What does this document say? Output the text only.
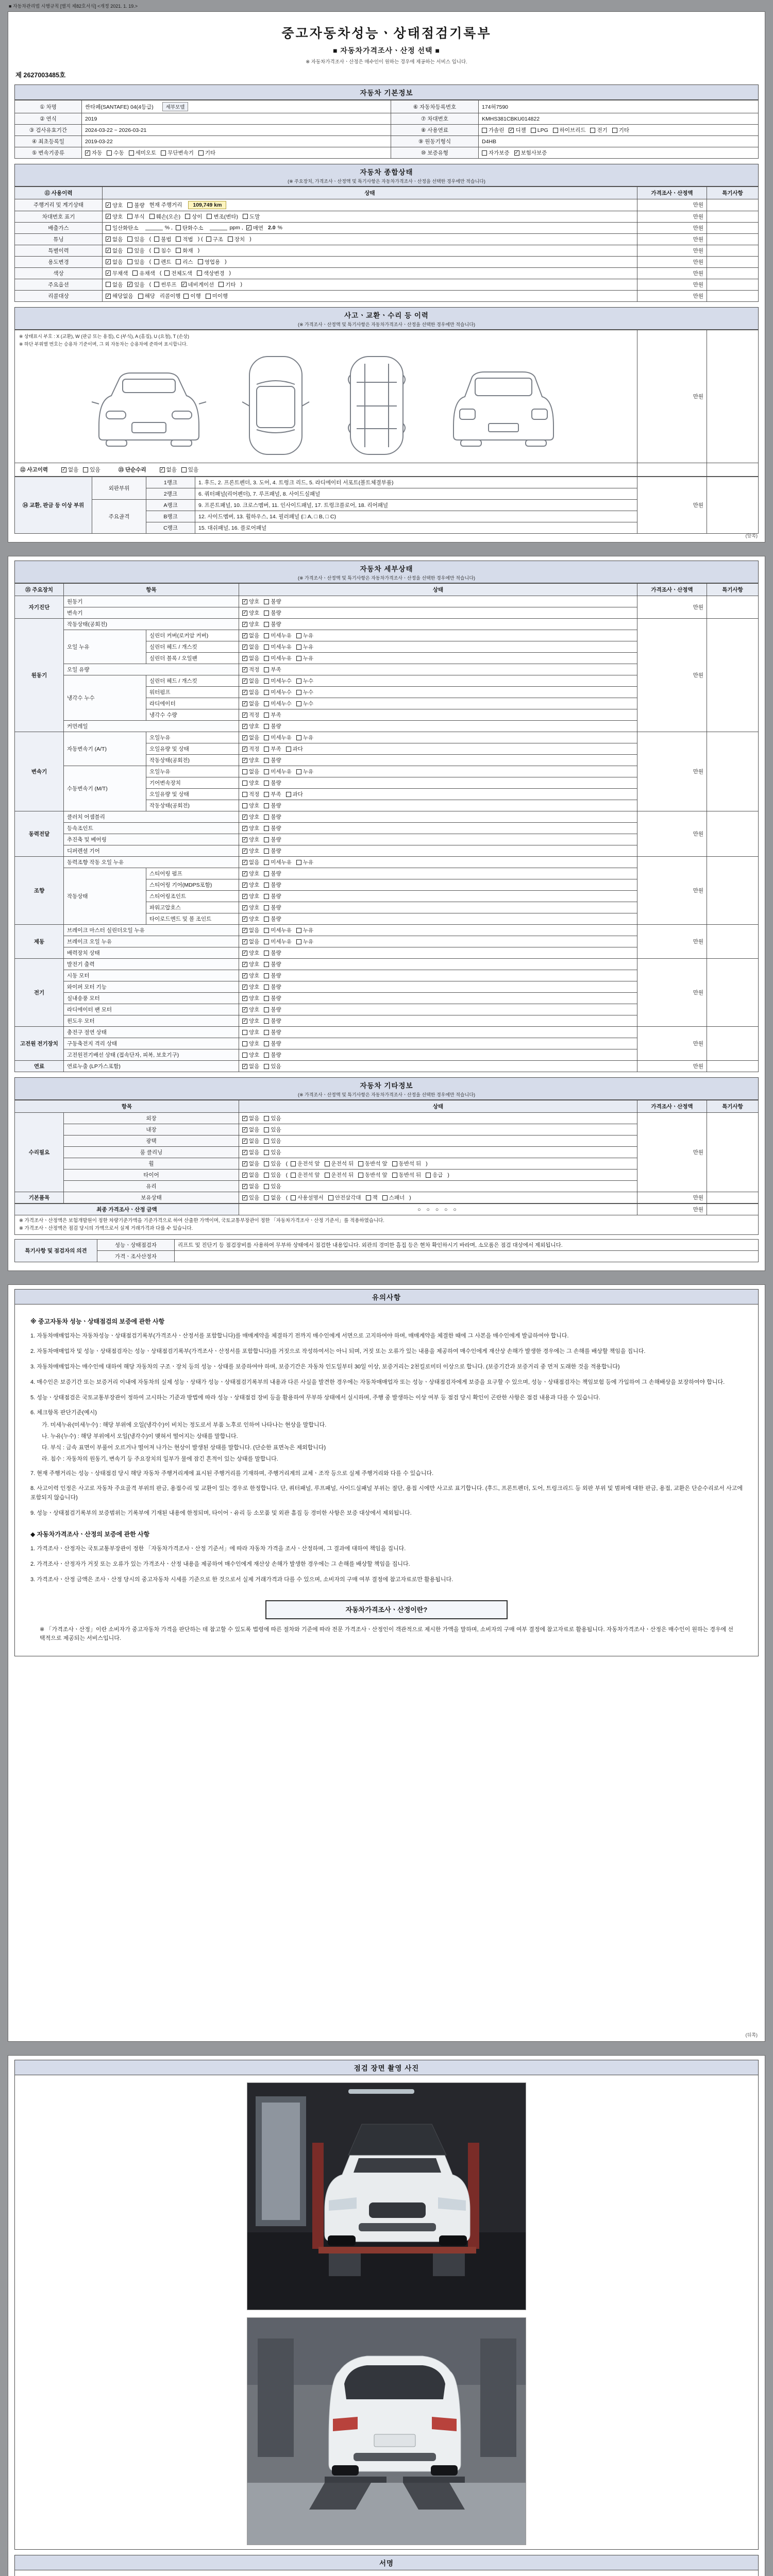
■ 자동차관리법 시행규칙 [별지 제82호서식] <개정 2021. 1. 19.>
중고자동차성능ㆍ상태점검기록부
■ 자동차가격조사ㆍ산정 선택 ■
※ 자동차가격조사ㆍ산정은 매수인이 원하는 경우에 제공하는 서비스 입니다.
제 2627003485호
자동차 기본정보
① 차명	싼타페(SANTAFE) 04(4등급) 세부모델	⑥ 자동차등록번호	174허7590
② 연식	2019	⑦ 차대번호	KMHS381CBKU014822
③ 검사유효기간	2024-03-22 ~ 2026-03-21	⑧ 사용연료	가솔린 ✓ 디젤 LPG 하이브리드 전기 기타

④ 최초등록일	2019-03-22	⑨ 원동기형식	D4HB
⑤ 변속기종류	✓ 자동 수동 세미오토 무단변속기 기타	⑩ 보증유형	자가보증 ✓ 보험사보증
자동차 종합상태
(※ 주요장치, 가격조사ㆍ산정액 및 특기사항은 자동차가격조사ㆍ산정을 선택한 경우에만 적습니다)
⑪ 사용이력	상태	가격조사ㆍ산정액	특기사항
주행거리 및 계기상태	✓ 양호 불량 현재 주행거리 109,749 km	만원	
차대번호 표기	✓ 양호 부식 훼손(오손) 상이 변조(변타) 도말	만원	
배출가스	일산화탄소	% , 탄화수소	ppm , ✓ 매연 2.0 %	만원	
튜닝	✓ 없음 있음 ( 불법 적법 ) ( 구조 장치 )	만원	
특별이력	✓ 없음 있음 ( 침수 화재 )	만원	
용도변경	✓ 없음 있음 ( 렌트 리스 영업용 )	만원	
색상	✓ 무채색 유채색 ( 전체도색 색상변경 )	만원	
주요옵션	없음 ✓ 있음 ( 썬루프 ✓ 네비게이션 기타 )	만원	
리콜대상	✓ 해당없음 해당 리콜이행 이행 미이행	만원	
사고ㆍ교환ㆍ수리 등 이력
(※ 가격조사ㆍ산정액 및 특기사항은 자동차가격조사ㆍ산정을 선택한 경우에만 적습니다)
※ 상태표시 부호 : X (교환), W (판금 또는 용접), C (부식), A (흠집), U (요철), T (손상)
※ 하단 부위별 번호는 승용차 기준이며, 그 외 자동차는 승용차에 준하여 표시합니다.	만원	

⑫ 사고이력	✓ 없음 있음	⑬ 단순수리	✓ 없음 있음

⑭ 교환, 판금 등 이상 부위	외판부위	1랭크	1. 후드, 2. 프론트펜더, 3. 도어, 4. 트렁크 리드, 5. 라디에이터 서포트(볼트체결부품)	만원	
		2랭크	6. 쿼터패널(리어펜더), 7. 루프패널, 8. 사이드실패널		
	주요골격	A랭크	9. 프론트패널, 10. 크로스멤버, 11. 인사이드패널, 17. 트렁크플로어, 18. 리어패널		
		B랭크	12. 사이드멤버, 13. 휠하우스, 14. 필러패널 (□ A, □ B, □ C)		
		C랭크	15. 대쉬패널, 16. 플로어패널		
(앞쪽)
자동차 세부상태
(※ 가격조사ㆍ산정액 및 특기사항은 자동차가격조사ㆍ산정을 선택한 경우에만 적습니다)
⑮ 주요장치	항목		상태	가격조사ㆍ산정액	특기사항
자기진단	원동기		✓ 양호 불량	만원	
	변속기		✓ 양호 불량		

원동기	작동상태(공회전)		✓ 양호 불량	만원	
	오일 누유	실린더 커버(로커암 커버)	✓ 없음 미세누유 누유		

		실린더 헤드 / 개스킷	✓ 없음 미세누유 누유		

		실린더 블록 / 오일팬	✓ 없음 미세누유 누유		

	오일 유량		✓ 적정 부족		

	냉각수 누수	실린더 헤드 / 개스킷	✓ 없음 미세누수 누수		

		워터펌프	✓ 없음 미세누수 누수		

		라디에이터	✓ 없음 미세누수 누수		

		냉각수 수량	✓ 적정 부족		

	커먼레일		✓ 양호 불량		

변속기	자동변속기 (A/T)	오일누유	✓ 없음 미세누유 누유	만원	
		오일유량 및 상태	✓ 적정 부족 과다		

		작동상태(공회전)	✓ 양호 불량		

	수동변속기 (M/T)	오일누유	없음 미세누유 누유		

		기어변속장치	양호 불량		

		오일유량 및 상태	적정 부족 과다		

		작동상태(공회전)	양호 불량		

동력전달	클러치 어셈블리		✓ 양호 불량	만원	
	등속조인트		✓ 양호 불량		

	추진축 및 베어링		✓ 양호 불량		

	디퍼렌셜 기어		✓ 양호 불량		

조향	동력조향 작동 오일 누유		✓ 없음 미세누유 누유	만원	
	작동상태	스티어링 펌프	✓ 양호 불량		

		스티어링 기어(MDPS포함)	✓ 양호 불량		

		스티어링조인트	✓ 양호 불량		

		파워고압호스	✓ 양호 불량		

		타이로드엔드 및 볼 조인트	✓ 양호 불량		

제동	브레이크 마스터 실린더오일 누유		✓ 없음 미세누유 누유	만원	
	브레이크 오일 누유		✓ 없음 미세누유 누유		

	배력장치 상태		✓ 양호 불량		

전기	발전기 출력		✓ 양호 불량	만원	
	시동 모터		✓ 양호 불량		

	와이퍼 모터 기능		✓ 양호 불량		

	실내송풍 모터		✓ 양호 불량		

	라디에이터 팬 모터		✓ 양호 불량		

	윈도우 모터		✓ 양호 불량		

고전원 전기장치	충전구 절연 상태		양호 불량	만원	
	구동축전지 격리 상태		양호 불량		

	고전원전기배선 상태 (접속단자, 피복, 보호기구)		양호 불량		

연료	연료누출 (LP가스포함)		✓ 없음 있음	만원	
자동차 기타정보
(※ 가격조사ㆍ산정액 및 특기사항은 자동차가격조사ㆍ산정을 선택한 경우에만 적습니다)
항목		상태	가격조사ㆍ산정액	특기사항
수리필요	외장	✓ 없음 있음	만원	
	내장	✓ 없음 있음		

	광택	✓ 없음 있음		

	룸 클리닝	✓ 없음 있음		

휠	✓ 없음 있음 ( 운전석 앞 운전석 뒤 동반석 앞 동반석 뒤 )
타이어	✓ 없음 있음 ( 운전석 앞 운전석 뒤 동반석 앞 동반석 뒤 응급 )
	유리	✓ 없음 있음		

기본품목	보유상태	✓ 있음 없음 ( 사용설명서 안전삼각대 잭 스패너 )	만원	
최종 가격조사ㆍ산정 금액	○ ○ ○ ○ ○	만원	
※ 가격조사ㆍ산정액은 보험개발원이 정한 차량기준가액을 기준가격으로 하여 산출한 가액이며, 국토교통부장관이 정한 「자동차가격조사ㆍ산정 기준서」를 적용하였습니다.
※ 가격조사ㆍ산정액은 점검 당시의 가액으로서 실제 거래가격과 다를 수 있습니다.
특기사항 및 점검자의 의견	성능ㆍ상태점검자	리프트 및 진단기 등 점검장비를 사용하여 무부하 상태에서 점검한 내용입니다. 외관의 경미한 흠집 등은 현차 확인하시기 바라며, 소모품은 점검 대상에서 제외됩니다.
	가격ㆍ조사산정자	
유의사항
※ 중고자동차 성능ㆍ상태점검의 보증에 관한 사항
1. 자동차매매업자는 자동차성능ㆍ상태점검기록부(가격조사ㆍ산정서를 포함합니다)를 매매계약을 체결하기 전까지 매수인에게 서면으로 고지하여야 하며, 매매계약을 체결한 때에 그 사본을 매수인에게 발급하여야 합니다.
2. 자동차매매업자 및 성능ㆍ상태점검자는 성능ㆍ상태점검기록부(가격조사ㆍ산정서를 포함합니다)를 거짓으로 작성하여서는 아니 되며, 거짓 또는 오류가 있는 내용을 제공하여 매수인에게 재산상 손해가 발생한 경우에는 그 손해를 배상할 책임을 집니다.
3. 자동차매매업자는 매수인에 대하여 해당 자동차의 구조ㆍ장치 등의 성능ㆍ상태를 보증하여야 하며, 보증기간은 자동차 인도일부터 30일 이상, 보증거리는 2천킬로미터 이상으로 합니다. (보증기간과 보증거리 중 먼저 도래한 것을 적용합니다)
4. 매수인은 보증기간 또는 보증거리 이내에 자동차의 실제 성능ㆍ상태가 성능ㆍ상태점검기록부의 내용과 다른 사실을 발견한 경우에는 자동차매매업자 또는 성능ㆍ상태점검자에게 보증을 요구할 수 있으며, 성능ㆍ상태점검자는 책임보험 등에 가입하여 그 손해배상을 보장하여야 합니다.
5. 성능ㆍ상태점검은 국토교통부장관이 정하여 고시하는 기준과 방법에 따라 성능ㆍ상태점검 장비 등을 활용하여 무부하 상태에서 실시하며, 주행 중 발생하는 이상 여부 등 점검 당시 확인이 곤란한 사항은 점검 내용과 다를 수 있습니다.
6. 체크항목 판단기준(예시)
가. 미세누유(미세누수) : 해당 부위에 오일(냉각수)이 비치는 정도로서 부품 노후로 인하여 나타나는 현상을 말합니다.
나. 누유(누수) : 해당 부위에서 오일(냉각수)이 맺혀서 떨어지는 상태를 말합니다.
다. 부식 : 금속 표면이 부풀어 오르거나 떨어져 나가는 현상이 발생된 상태를 말합니다. (단순한 표면녹은 제외합니다)
라. 침수 : 자동차의 원동기, 변속기 등 주요장치의 일부가 물에 잠긴 흔적이 있는 상태를 말합니다.
7. 현재 주행거리는 성능ㆍ상태점검 당시 해당 자동차 주행거리계에 표시된 주행거리를 기재하며, 주행거리계의 교체ㆍ조작 등으로 실제 주행거리와 다를 수 있습니다.
8. 사고이력 인정은 사고로 자동차 주요골격 부위의 판금, 용접수리 및 교환이 있는 경우로 한정합니다. 단, 쿼터패널, 루프패널, 사이드실패널 부위는 절단, 용접 시에만 사고로 표기합니다. (후드, 프론트펜더, 도어, 트렁크리드 등 외판 부위 및 범퍼에 대한 판금, 용접, 교환은 단순수리로서 사고에 포함되지 않습니다)
9. 성능ㆍ상태점검기록부의 보증범위는 기록부에 기재된 내용에 한정되며, 타이어ㆍ유리 등 소모품 및 외관 흠집 등 경미한 사항은 보증 대상에서 제외됩니다.
◆ 자동차가격조사ㆍ산정의 보증에 관한 사항
1. 가격조사ㆍ산정자는 국토교통부장관이 정한 「자동차가격조사ㆍ산정 기준서」에 따라 자동차 가격을 조사ㆍ산정하며, 그 결과에 대하여 책임을 집니다.
2. 가격조사ㆍ산정자가 거짓 또는 오류가 있는 가격조사ㆍ산정 내용을 제공하여 매수인에게 재산상 손해가 발생한 경우에는 그 손해를 배상할 책임을 집니다.
3. 가격조사ㆍ산정 금액은 조사ㆍ산정 당시의 중고자동차 시세를 기준으로 한 것으로서 실제 거래가격과 다를 수 있으며, 소비자의 구매 여부 결정에 참고자료로만 활용됩니다.
자동차가격조사ㆍ산정이란?
※ 「가격조사ㆍ산정」이란 소비자가 중고자동차 가격을 판단하는 데 참고할 수 있도록 법령에 따른 절차와 기준에 따라 전문 가격조사ㆍ산정인이 객관적으로 제시한 가액을 말하며, 소비자의 구매 여부 결정에 참고자료로 활용됩니다. 자동차가격조사ㆍ산정은 매수인이 원하는 경우에 선택적으로 제공되는 서비스입니다.
(뒤쪽)
점검 장면 촬영 사진
서명
